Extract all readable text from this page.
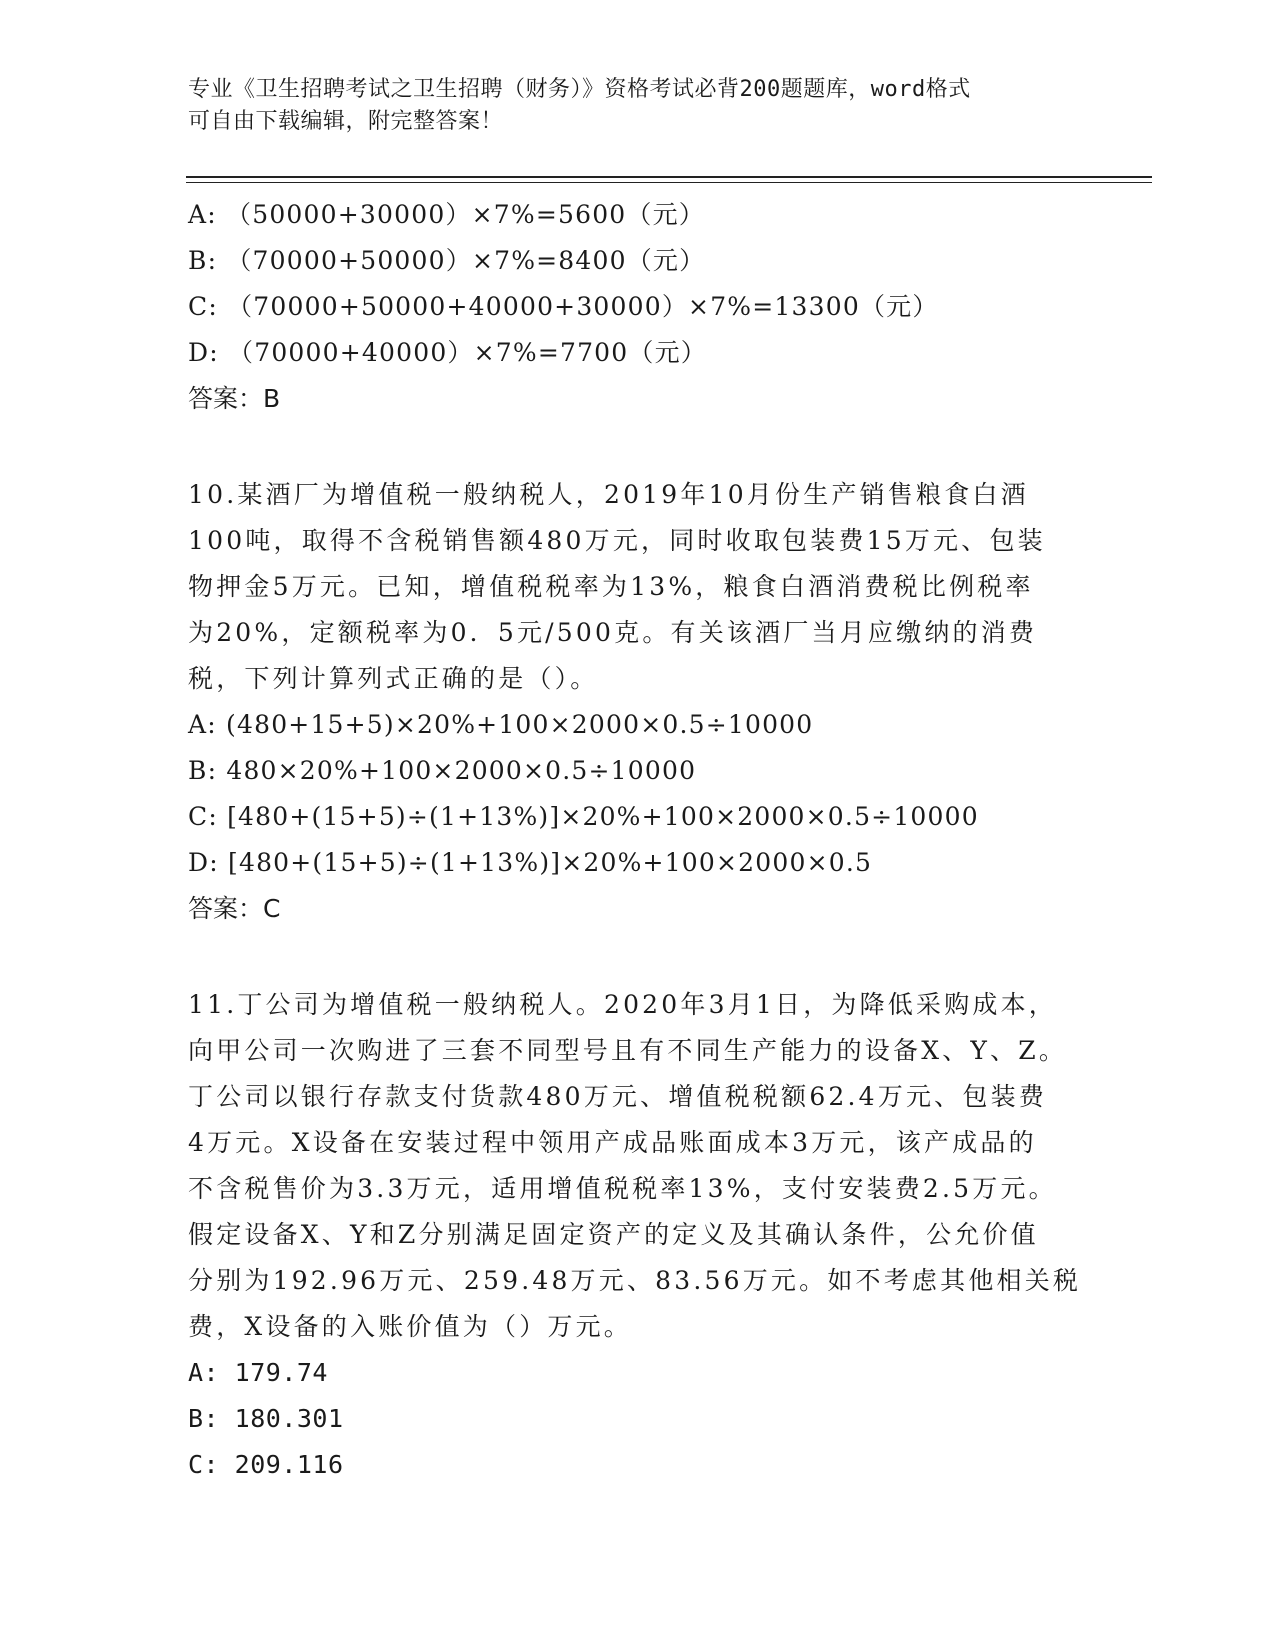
专业《卫生招聘考试之卫生招聘（财务）》资格考试必背200题题库，word格式
可自由下载编辑，附完整答案！
A: （50000+30000）×7%=5600（元）
B: （70000+50000）×7%=8400（元）
C: （70000+50000+40000+30000）×7%=13300（元）
D: （70000+40000）×7%=7700（元）
答案：B
10.某酒厂为增值税一般纳税人，2019年10月份生产销售粮食白酒
100吨，取得不含税销售额480万元，同时收取包装费15万元、包装
物押金5万元。已知，增值税税率为13%，粮食白酒消费税比例税率
为20%，定额税率为0．5元/500克。有关该酒厂当月应缴纳的消费
税，下列计算列式正确的是（）。
A: (480+15+5)×20%+100×2000×0.5÷10000
B: 480×20%+100×2000×0.5÷10000
C: [480+(15+5)÷(1+13%)]×20%+100×2000×0.5÷10000
D: [480+(15+5)÷(1+13%)]×20%+100×2000×0.5
答案：C
11.丁公司为增值税一般纳税人。2020年3月1日，为降低采购成本，
向甲公司一次购进了三套不同型号且有不同生产能力的设备X、Y、Z。
丁公司以银行存款支付货款480万元、增值税税额62.4万元、包装费
4万元。X设备在安装过程中领用产成品账面成本3万元，该产成品的
不含税售价为3.3万元，适用增值税税率13%，支付安装费2.5万元。
假定设备X、Y和Z分别满足固定资产的定义及其确认条件，公允价值
分别为192.96万元、259.48万元、83.56万元。如不考虑其他相关税
费，X设备的入账价值为（）万元。
A: 179.74
B: 180.301
C: 209.116
